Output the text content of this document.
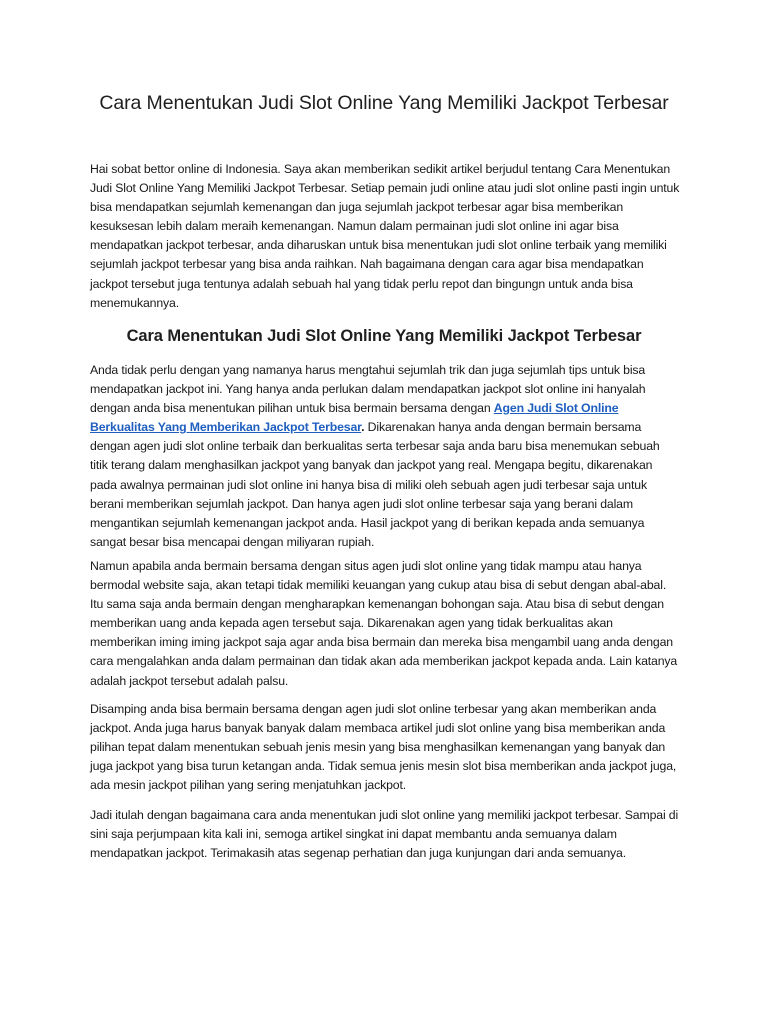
Cara Menentukan Judi Slot Online Yang Memiliki Jackpot Terbesar

Hai sobat bettor online di Indonesia. Saya akan memberikan sedikit artikel berjudul tentang Cara Menentukan Judi Slot Online Yang Memiliki Jackpot Terbesar. Setiap pemain judi online atau judi slot online pasti ingin untuk bisa mendapatkan sejumlah kemenangan dan juga sejumlah jackpot terbesar agar bisa memberikan kesuksesan lebih dalam meraih kemenangan. Namun dalam permainan judi slot online ini agar bisa mendapatkan jackpot terbesar, anda diharuskan untuk bisa menentukan judi slot online terbaik yang memiliki sejumlah jackpot terbesar yang bisa anda raihkan. Nah bagaimana dengan cara agar bisa mendapatkan jackpot tersebut juga tentunya adalah sebuah hal yang tidak perlu repot dan bingungn untuk anda bisa menemukannya.

Cara Menentukan Judi Slot Online Yang Memiliki Jackpot Terbesar

Anda tidak perlu dengan yang namanya harus mengtahui sejumlah trik dan juga sejumlah tips untuk bisa mendapatkan jackpot ini. Yang hanya anda perlukan dalam mendapatkan jackpot slot online ini hanyalah dengan anda bisa menentukan pilihan untuk bisa bermain bersama dengan Agen Judi Slot Online Berkualitas Yang Memberikan Jackpot Terbesar. Dikarenakan hanya anda dengan bermain bersama dengan agen judi slot online terbaik dan berkualitas serta terbesar saja anda baru bisa menemukan sebuah titik terang dalam menghasilkan jackpot yang banyak dan jackpot yang real. Mengapa begitu, dikarenakan pada awalnya permainan judi slot online ini hanya bisa di miliki oleh sebuah agen judi terbesar saja untuk berani memberikan sejumlah jackpot. Dan hanya agen judi slot online terbesar saja yang berani dalam mengantikan sejumlah kemenangan jackpot anda. Hasil jackpot yang di berikan kepada anda semuanya sangat besar bisa mencapai dengan miliyaran rupiah.

Namun apabila anda bermain bersama dengan situs agen judi slot online yang tidak mampu atau hanya bermodal website saja, akan tetapi tidak memiliki keuangan yang cukup atau bisa di sebut dengan abal-abal. Itu sama saja anda bermain dengan mengharapkan kemenangan bohongan saja. Atau bisa di sebut dengan memberikan uang anda kepada agen tersebut saja. Dikarenakan agen yang tidak berkualitas akan memberikan iming iming jackpot saja agar anda bisa bermain dan mereka bisa mengambil uang anda dengan cara mengalahkan anda dalam permainan dan tidak akan ada memberikan jackpot kepada anda. Lain katanya adalah jackpot tersebut adalah palsu.

Disamping anda bisa bermain bersama dengan agen judi slot online terbesar yang akan memberikan anda jackpot. Anda juga harus banyak banyak dalam membaca artikel judi slot online yang bisa memberikan anda pilihan tepat dalam menentukan sebuah jenis mesin yang bisa menghasilkan kemenangan yang banyak dan juga jackpot yang bisa turun ketangan anda. Tidak semua jenis mesin slot bisa memberikan anda jackpot juga, ada mesin jackpot pilihan yang sering menjatuhkan jackpot.

Jadi itulah dengan bagaimana cara anda menentukan judi slot online yang memiliki jackpot terbesar. Sampai di sini saja perjumpaan kita kali ini, semoga artikel singkat ini dapat membantu anda semuanya dalam mendapatkan jackpot. Terimakasih atas segenap perhatian dan juga kunjungan dari anda semuanya.
